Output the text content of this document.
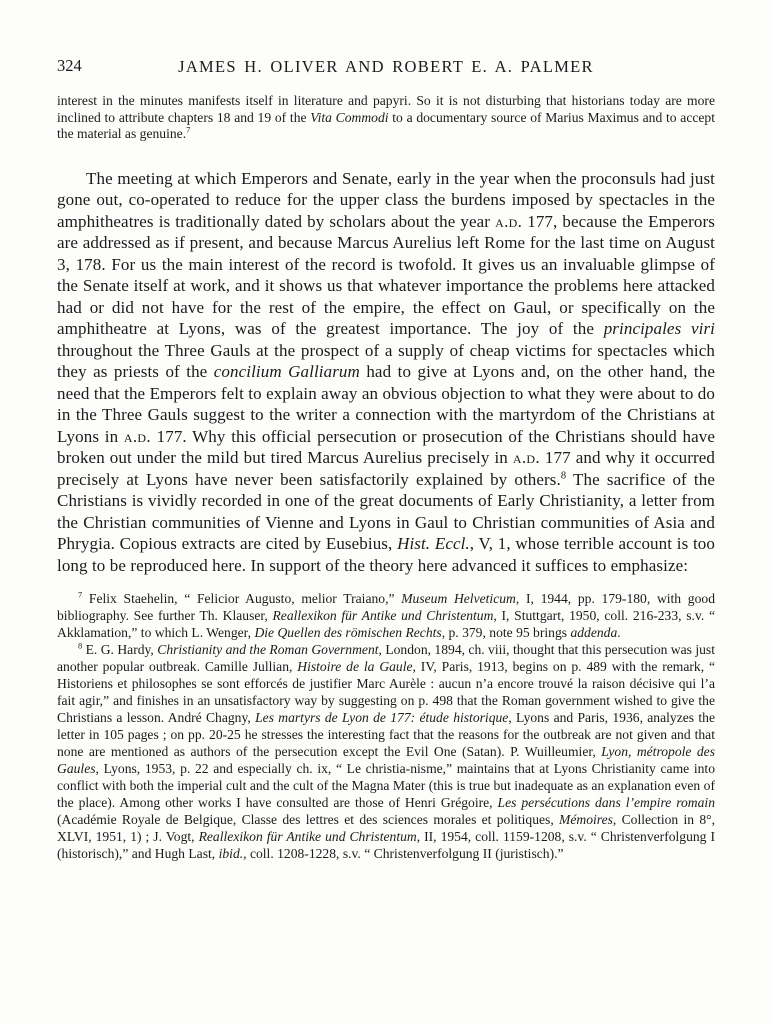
324	JAMES H. OLIVER AND ROBERT E. A. PALMER

interest in the minutes manifests itself in literature and papyri. So it is not disturbing that historians today are more inclined to attribute chapters 18 and 19 of the Vita Commodi to a documentary source of Marius Maximus and to accept the material as genuine.$^7$

The meeting at which Emperors and Senate, early in the year when the proconsuls had just gone out, co-operated to reduce for the upper class the burdens imposed by spectacles in the amphitheatres is traditionally dated by scholars about the year a.d. 177, because the Emperors are addressed as if present, and because Marcus Aurelius left Rome for the last time on August 3, 178. For us the main interest of the record is twofold. It gives us an invaluable glimpse of the Senate itself at work, and it shows us that whatever importance the problems here attacked had or did not have for the rest of the empire, the effect on Gaul, or specifically on the amphitheatre at Lyons, was of the greatest importance. The joy of the principales viri throughout the Three Gauls at the prospect of a supply of cheap victims for spectacles which they as priests of the concilium Galliarum had to give at Lyons and, on the other hand, the need that the Emperors felt to explain away an obvious objection to what they were about to do in the Three Gauls suggest to the writer a connection with the martyrdom of the Christians at Lyons in a.d. 177. Why this official persecution or prosecution of the Christians should have broken out under the mild but tired Marcus Aurelius precisely in a.d. 177 and why it occurred precisely at Lyons have never been satisfactorily explained by others.$^8$ The sacrifice of the Christians is vividly recorded in one of the great documents of Early Christianity, a letter from the Christian communities of Vienne and Lyons in Gaul to Christian communities of Asia and Phrygia. Copious extracts are cited by Eusebius, Hist. Eccl., V, 1, whose terrible account is too long to be reproduced here. In support of the theory here advanced it suffices to emphasize:

$^7$ Felix Staehelin, “ Felicior Augusto, melior Traiano,” Museum Helveticum, I, 1944, pp. 179-180, with good bibliography. See further Th. Klauser, Reallexikon für Antike und Christentum, I, Stuttgart, 1950, coll. 216-233, s.v. “ Akklamation,” to which L. Wenger, Die Quellen des römischen Rechts, p. 379, note 95 brings addenda.

$^8$ E. G. Hardy, Christianity and the Roman Government, London, 1894, ch. viii, thought that this persecution was just another popular outbreak. Camille Jullian, Histoire de la Gaule, IV, Paris, 1913, begins on p. 489 with the remark, “ Historiens et philosophes se sont efforcés de justifier Marc Aurèle : aucun n’a encore trouvé la raison décisive qui l’a fait agir,” and finishes in an unsatisfactory way by suggesting on p. 498 that the Roman government wished to give the Christians a lesson. André Chagny, Les martyrs de Lyon de 177: étude historique, Lyons and Paris, 1936, analyzes the letter in 105 pages ; on pp. 20-25 he stresses the interesting fact that the reasons for the outbreak are not given and that none are mentioned as authors of the persecution except the Evil One (Satan). P. Wuilleumier, Lyon, métropole des Gaules, Lyons, 1953, p. 22 and especially ch. ix, “ Le christia-nisme,” maintains that at Lyons Christianity came into conflict with both the imperial cult and the cult of the Magna Mater (this is true but inadequate as an explanation even of the place). Among other works I have consulted are those of Henri Grégoire, Les persécutions dans l’empire romain (Académie Royale de Belgique, Classe des lettres et des sciences morales et politiques, Mémoires, Collection in 8°, XLVI, 1951, 1) ; J. Vogt, Reallexikon für Antike und Christentum, II, 1954, coll. 1159-1208, s.v. “ Christenverfolgung I (historisch),” and Hugh Last, ibid., coll. 1208-1228, s.v. “ Christenverfolgung II (juristisch).”
